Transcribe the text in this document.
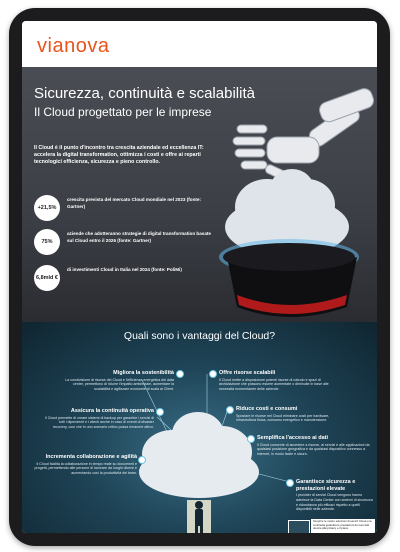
vianova
Sicurezza, continuità e scalabilità
Il Cloud progettato per le imprese
Il Cloud è il punto d'incontro tra crescita aziendale ed eccellenza IT: accelera la digital transformation, ottimizza i costi e offre ai reparti tecnologici efficienza, sicurezza e pieno controllo.
+21,5%
crescita prevista del mercato Cloud mondiale nel 2023 (fonte: Gartner)
75%
aziende che adotteranno strategie di digital transformation basate sul Cloud entro il 2026 (fonte: Gartner)
6,8mld €
di investimenti Cloud in Italia nel 2024 (fonte: PoliMi)
Quali sono i vantaggi del Cloud?
Migliora la sostenibilità
La condivisione di risorse del Cloud e l'efficienza energetica dei data center, permettono di ridurre l'impatto ambientale, aumentare la scalabilità e agilizzare economie di scala ai Client.
Assicura la continuità operativa
Il Cloud permette di creare sistemi di backup per garantire i servizi di tutti i dipendenti e i clienti anche in caso di eventi di disaster recovery, così che in uno scenario critico possa rimanere attivo.
Incrementa collaborazione e agilità
Il Cloud facilita la collaborazione in tempo reale su documenti e progetti, permettendo alle persone di lavorare da luoghi diversi e aumentando così la produttività dei team.
Offre risorse scalabili
Il Cloud mette a disposizione potenti risorse di calcolo e spazi di archiviazione che possono essere aumentate o diminuite in base alle necessità momentanee delle aziende.
Riduce costi e consumi
Spostare le risorse nel Cloud eliminare costi per hardware, infrastruttura fisica, consumo energetico e manutenzione.
Semplifica l'accesso ai dati
Il Cloud consente di accedere a risorse, ai servizi e alle applicazioni da qualsiasi posizione geografica e da qualsiasi dispositivo connesso a internet, in modo facile e sicuro.
Garantisce sicurezza e prestazioni elevate
I provider di servizi Cloud vengono hanno aderisce la Data Center con sistemi di sicurezza e ridondanza più efficaci rispetto a quelli disponibili nelle aziende.
Scoprire le nostre soluzioni di servizi Cloud e la continuità garantita le prestazioni dei tuoi dati dovute alla privacy e il piano.
